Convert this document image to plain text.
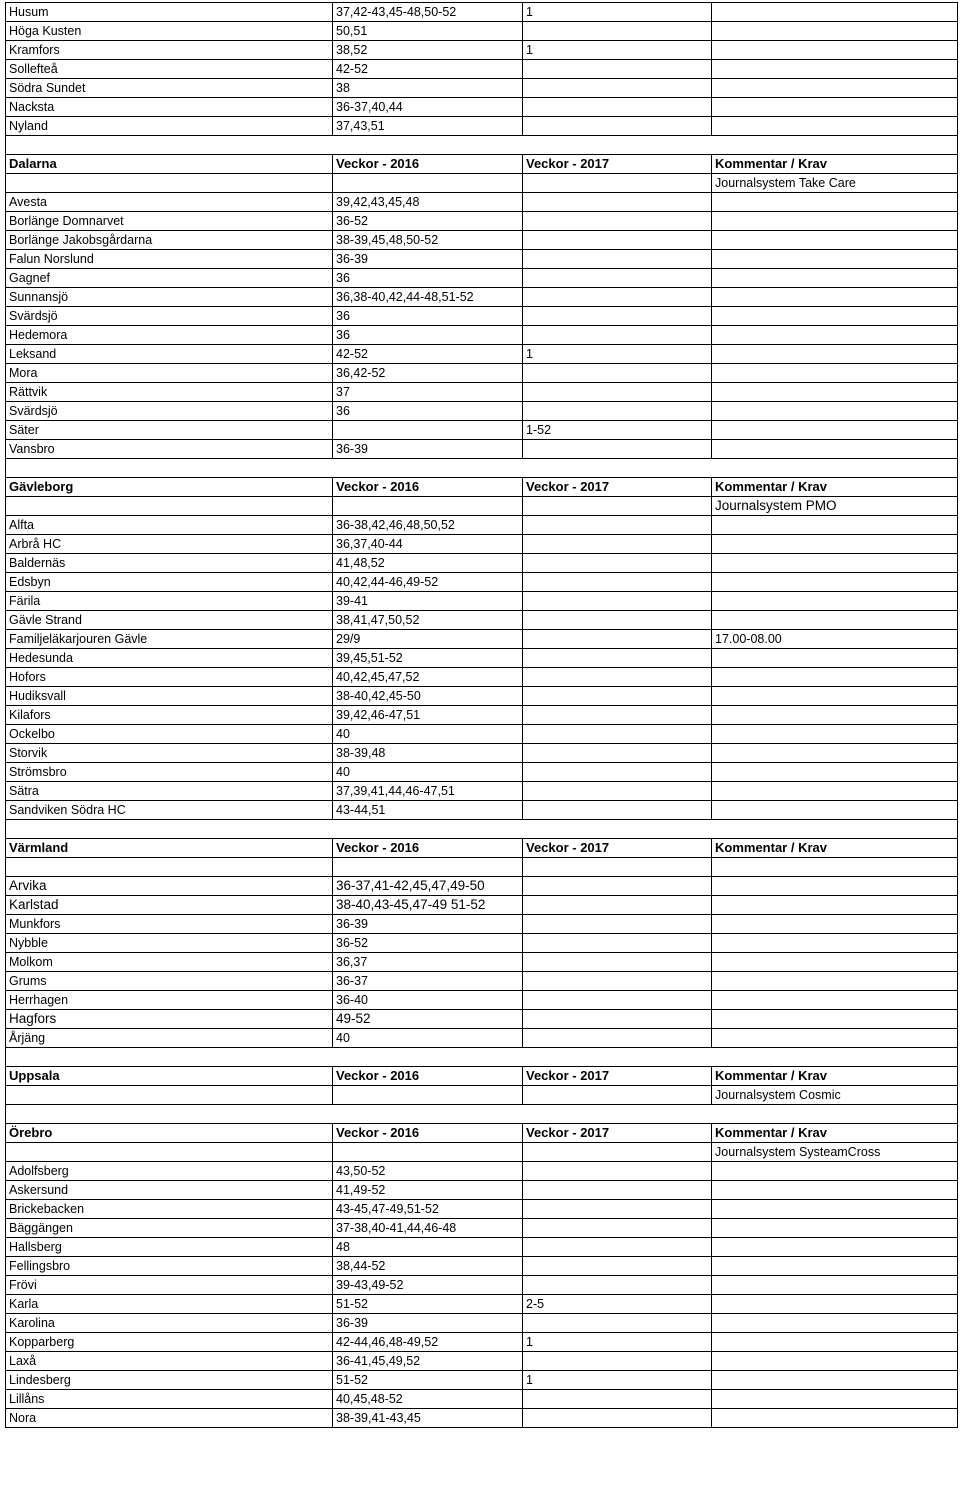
Husum	37,42-43,45-48,50-52	1	
Höga Kusten	50,51		
Kramfors	38,52	1	
Sollefteå	42-52		
Södra Sundet	38		
Nacksta	36-37,40,44		
Nyland	37,43,51		

Dalarna	Veckor - 2016	Veckor - 2017	Kommentar / Krav
			Journalsystem Take Care
Avesta	39,42,43,45,48		
Borlänge Domnarvet	36-52		
Borlänge Jakobsgårdarna	38-39,45,48,50-52		
Falun Norslund	36-39		
Gagnef	36		
Sunnansjö	36,38-40,42,44-48,51-52		
Svärdsjö	36		
Hedemora	36		
Leksand	42-52	1	
Mora	36,42-52		
Rättvik	37		
Svärdsjö	36		
Säter		1-52	
Vansbro	36-39		

Gävleborg	Veckor - 2016	Veckor - 2017	Kommentar / Krav
			Journalsystem PMO
Alfta	36-38,42,46,48,50,52		
Arbrå HC	36,37,40-44		
Baldernäs	41,48,52		
Edsbyn	40,42,44-46,49-52		
Färila	39-41		
Gävle Strand	38,41,47,50,52		
Familjeläkarjouren Gävle	29/9		17.00-08.00
Hedesunda	39,45,51-52		
Hofors	40,42,45,47,52		
Hudiksvall	38-40,42,45-50		
Kilafors	39,42,46-47,51		
Ockelbo	40		
Storvik	38-39,48		
Strömsbro	40		
Sätra	37,39,41,44,46-47,51		
Sandviken Södra HC	43-44,51		

Värmland	Veckor - 2016	Veckor - 2017	Kommentar / Krav

Arvika	36-37,41-42,45,47,49-50		
Karlstad	38-40,43-45,47-49 51-52		
Munkfors	36-39		
Nybble	36-52		
Molkom	36,37		
Grums	36-37		
Herrhagen	36-40		
Hagfors	49-52		
Årjäng	40		

Uppsala	Veckor - 2016	Veckor - 2017	Kommentar / Krav
			Journalsystem Cosmic

Örebro	Veckor - 2016	Veckor - 2017	Kommentar / Krav
			Journalsystem SysteamCross
Adolfsberg	43,50-52		
Askersund	41,49-52		
Brickebacken	43-45,47-49,51-52		
Bäggängen	37-38,40-41,44,46-48		
Hallsberg	48		
Fellingsbro	38,44-52		
Frövi	39-43,49-52		
Karla	51-52	2-5	
Karolina	36-39		
Kopparberg	42-44,46,48-49,52	1	
Laxå	36-41,45,49,52		
Lindesberg	51-52	1	
Lillåns	40,45,48-52		
Nora	38-39,41-43,45		
